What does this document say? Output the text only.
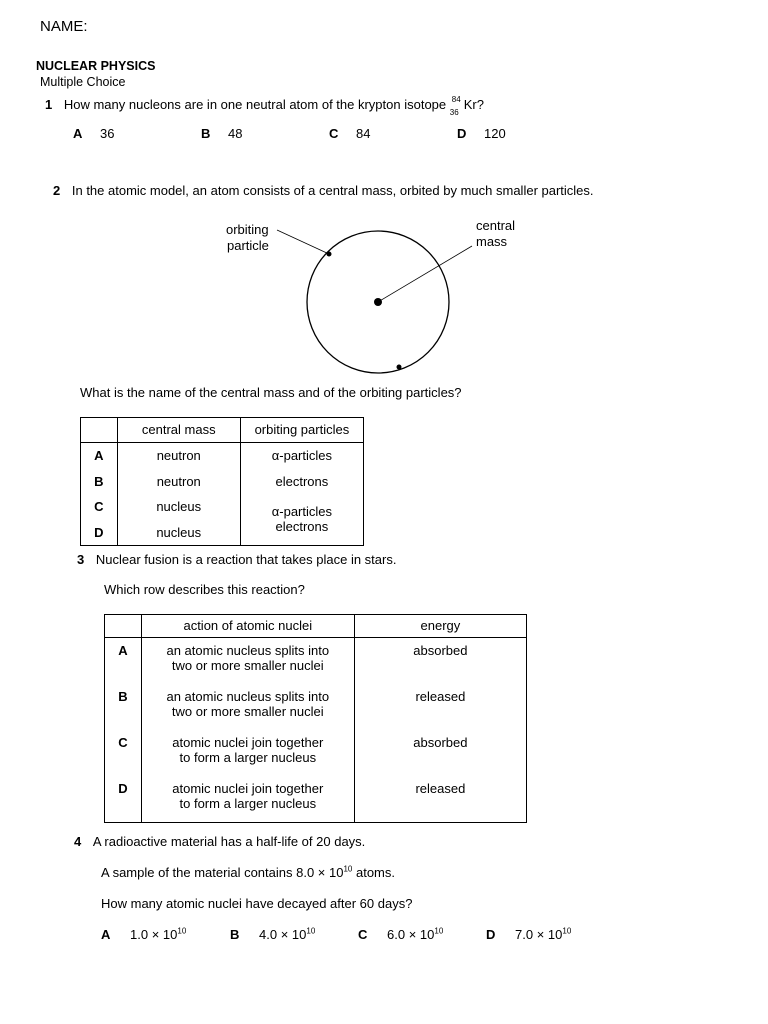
NAME:
NUCLEAR PHYSICS
Multiple Choice
1 How many nucleons are in one neutral atom of the krypton isotope 84
36
Kr?
A 36	B 48	C 84	D 120
2 In the atomic model, an atom consists of a central mass, orbited by much smaller particles.
orbiting
particle
central
mass
What is the name of the central mass and of the orbiting particles?
	central mass	orbiting particles
A	neutron	α-particles
B	neutron	electrons
C	nucleus	α-particles
D	nucleus	electrons
3 Nuclear fusion is a reaction that takes place in stars.
Which row describes this reaction?
	action of atomic nuclei	energy
A	an atomic nucleus splits into
two or more smaller nuclei	absorbed
B	an atomic nucleus splits into
two or more smaller nuclei	released
C	atomic nuclei join together
to form a larger nucleus	absorbed
D	atomic nuclei join together
to form a larger nucleus	released
4 A radioactive material has a half-life of 20 days.
A sample of the material contains $8.0 \times 10^{10}$ atoms.
How many atomic nuclei have decayed after 60 days?
A $1.0 \times 10^{10}$	B $4.0 \times 10^{10}$	C $6.0 \times 10^{10}$	D $7.0 \times 10^{10}$
